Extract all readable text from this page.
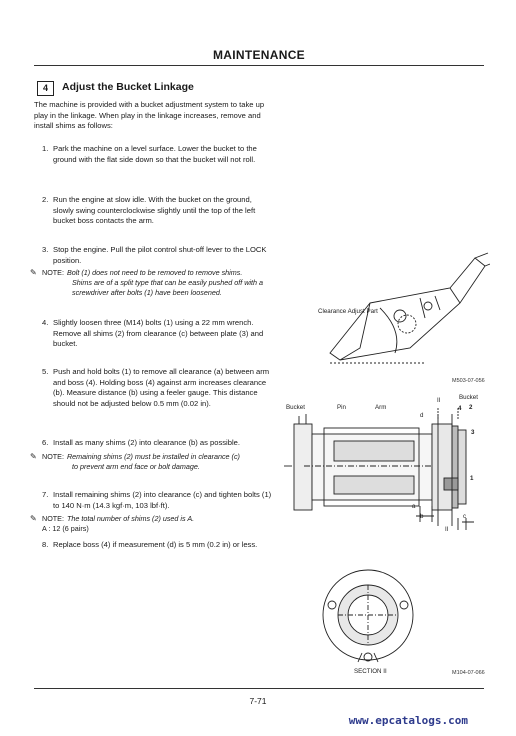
MAINTENANCE
4	Adjust the Bucket Linkage
The machine is provided with a bucket adjustment system to take up play in the linkage. When play in the linkage increases, remove and install shims as follows:
1. Park the machine on a level surface. Lower the bucket to the ground with the flat side down so that the bucket will not roll.
2. Run the engine at slow idle. With the bucket on the ground, slowly swing counterclockwise slightly until the top of the left bucket boss contacts the arm.
3. Stop the engine. Pull the pilot control shut-off lever to the LOCK position.
✎ NOTE: Bolt (1) does not need to be removed to remove shims.
Shims are of a split type that can be easily pushed off with a screwdriver after bolts (1) have been loosened.
4. Slightly loosen three (M14) bolts (1) using a 22 mm wrench. Remove all shims (2) from clearance (c) between plate (3) and bucket.
5. Push and hold bolts (1) to remove all clearance (a) between arm and boss (4). Holding boss (4) against arm increases clearance (b). Measure distance (b) using a feeler gauge. This distance should not be adjusted below 0.5 mm (0.02 in).
6. Install as many shims (2) into clearance (b) as possible.
✎ NOTE: Remaining shims (2) must be installed in clearance (c)
to prevent arm end face or bolt damage.
7. Install remaining shims (2) into clearance (c) and tighten bolts (1) to 140 N·m (14.3 kgf·m, 103 lbf·ft).
✎ NOTE: The total number of shims (2) used is A.
A : 12 (6 pairs)
8. Replace boss (4) if measurement (d) is 5 mm (0.2 in) or less.
Clearance Adjust Part
M503-07-056
Bucket	Pin	Arm
II	Bucket
d
4 2
3
1
a
b	c
II
SECTION II	M104-07-066
7-71
www.epcatalogs.com
